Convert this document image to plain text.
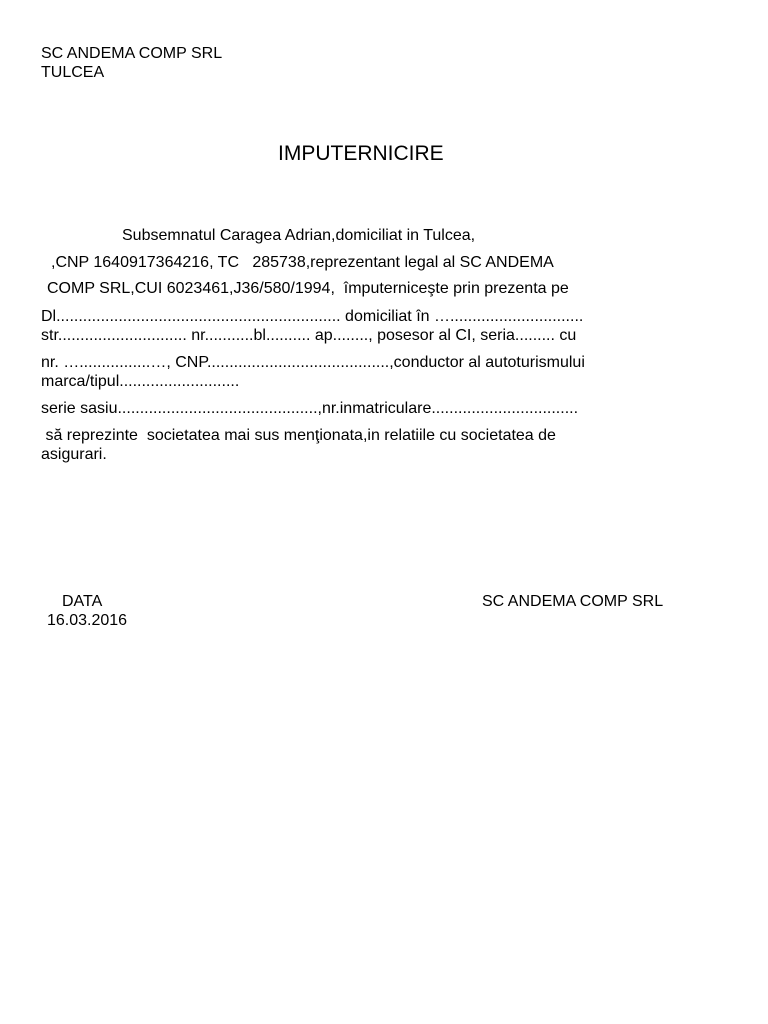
SC ANDEMA COMP SRL
TULCEA
IMPUTERNICIRE
Subsemnatul Caragea Adrian,domiciliat in Tulcea,
,CNP 1640917364216, TC   285738,reprezentant legal al SC ANDEMA
COMP SRL,CUI 6023461,J36/580/1994,  împuterniceşte prin prezenta pe
Dl................................................................ domiciliat în …..............................
str............................. nr...........bl.......... ap........, posesor al CI, seria......... cu
nr. …................…, CNP.........................................,conductor al autoturismului
marca/tipul...........................
serie sasiu.............................................,nr.inmatriculare.................................
să reprezinte  societatea mai sus menţionata,in relatiile cu societatea de
asigurari.
DATA
16.03.2016
SC ANDEMA COMP SRL
